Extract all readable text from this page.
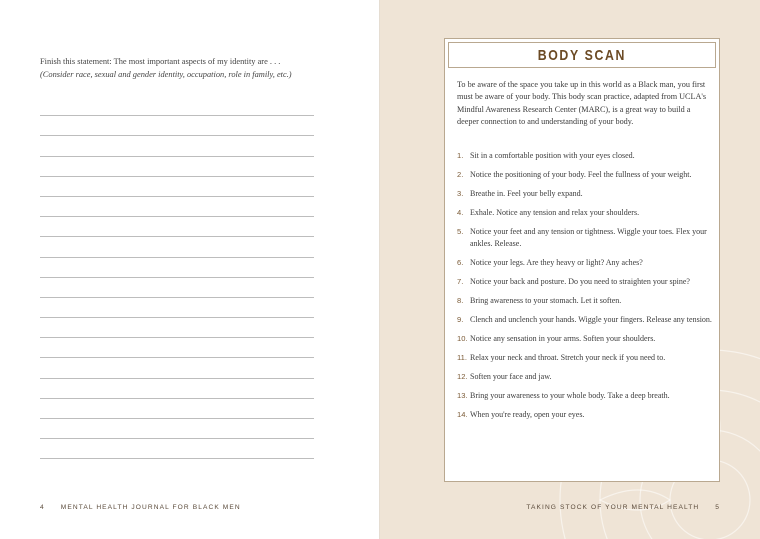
Finish this statement: The most important aspects of my identity are . . .
(Consider race, sexual and gender identity, occupation, role in family, etc.)
4 MENTAL HEALTH JOURNAL FOR BLACK MEN
BODY SCAN

To be aware of the space you take up in this world as a Black man, you first must be aware of your body. This body scan practice, adapted from UCLA's Mindful Awareness Research Center (MARC), is a great way to build a deeper connection to and understanding of your body.

1. Sit in a comfortable position with your eyes closed.
2. Notice the positioning of your body. Feel the fullness of your weight.
3. Breathe in. Feel your belly expand.
4. Exhale. Notice any tension and relax your shoulders.
5. Notice your feet and any tension or tightness. Wiggle your toes. Flex your ankles. Release.
6. Notice your legs. Are they heavy or light? Any aches?
7. Notice your back and posture. Do you need to straighten your spine?
8. Bring awareness to your stomach. Let it soften.
9. Clench and unclench your hands. Wiggle your fingers. Release any tension.
10. Notice any sensation in your arms. Soften your shoulders.
11. Relax your neck and throat. Stretch your neck if you need to.
12. Soften your face and jaw.
13. Bring your awareness to your whole body. Take a deep breath.
14. When you're ready, open your eyes.
TAKING STOCK OF YOUR MENTAL HEALTH 5
